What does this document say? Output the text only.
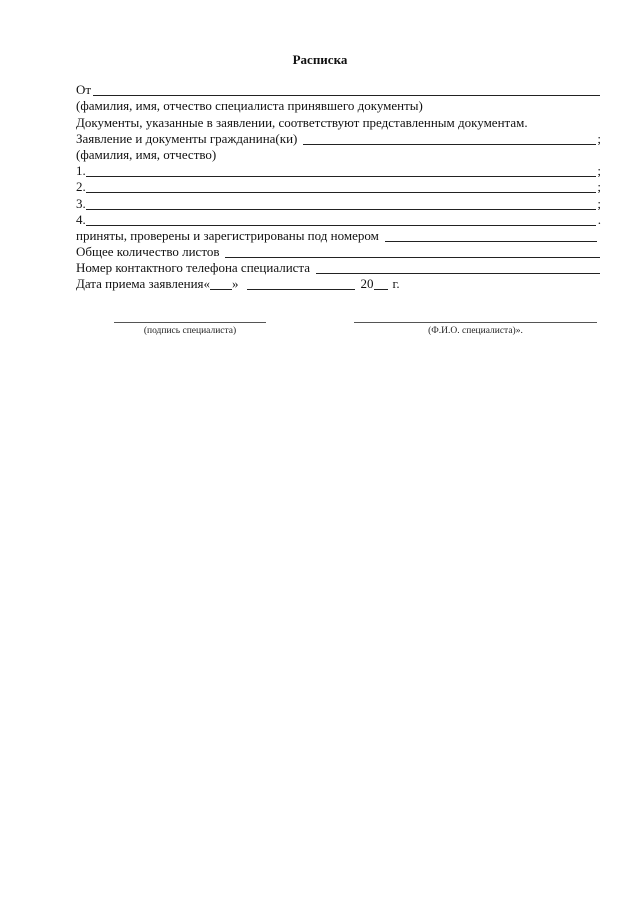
Расписка
От
(фамилия, имя, отчество специалиста принявшего документы)
Документы, указанные в заявлении, соответствуют представленным документам.
Заявление и документы гражданина(ки)	;
(фамилия, имя, отчество)
1.	;
2.	;
3.	;
4.	.
приняты, проверены и зарегистрированы под номером
Общее количество листов
Номер контактного телефона специалиста
Дата приема заявления« »	20 г.
(подпись специалиста)	(Ф.И.О. специалиста)».
